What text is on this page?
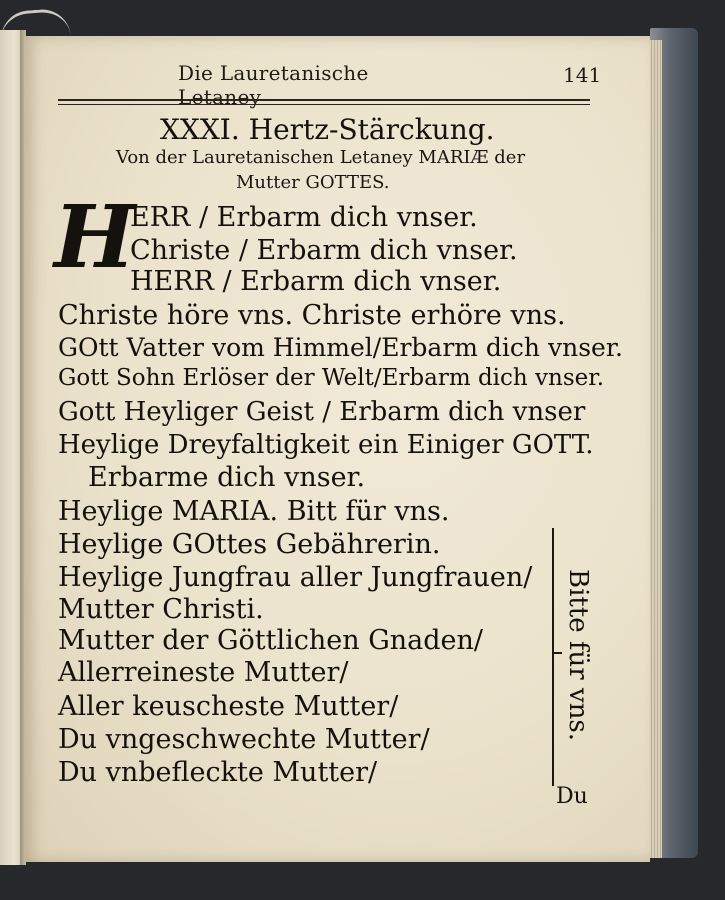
Die Lauretanische Letaney
141
XXXI. Hertz-Stärckung.
Von der Lauretanischen Letaney MARIÆ der
Mutter GOTTES.
H
ERR / Erbarm dich vnser.
Christe / Erbarm dich vnser.
HERR / Erbarm dich vnser.
Christe höre vns. Christe erhöre vns.
GOtt Vatter vom Himmel/Erbarm dich vnser.
Gott Sohn Erlöser der Welt/Erbarm dich vnser.
Gott Heyliger Geist / Erbarm dich vnser
Heylige Dreyfaltigkeit ein Einiger GOTT.
Erbarme dich vnser.
Heylige MARIA. Bitt für vns.
Heylige GOttes Gebährerin.
Heylige Jungfrau aller Jungfrauen/
Mutter Christi.
Mutter der Göttlichen Gnaden/
Allerreineste Mutter/
Aller keuscheste Mutter/
Du vngeschwechte Mutter/
Du vnbefleckte Mutter/
Bitte für vns.
Du
